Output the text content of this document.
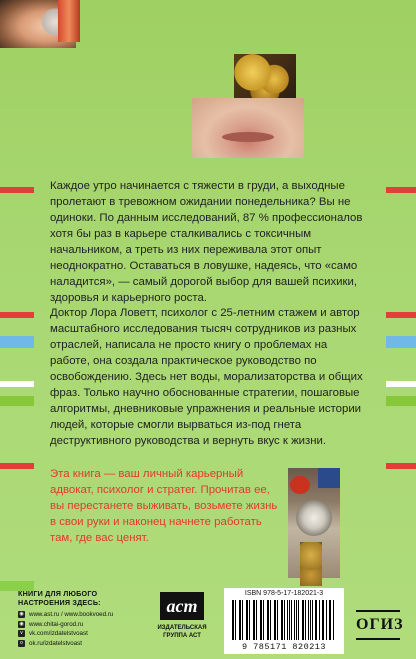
Каждое утро начинается с тяжести в груди, а выходные пролетают в тревожном ожидании понедельника? Вы не одиноки. По данным исследований, 87 % профессионалов хотя бы раз в карьере сталкивались с токсичным начальником, а треть из них переживала этот опыт неоднократно. Оставаться в ловушке, надеясь, что «само наладится», — самый дорогой выбор для вашей психики, здоровья и карьерного роста.

Доктор Лора Ловетт, психолог с 25-летним стажем и автор масштабного исследования тысяч сотрудников из разных отраслей, написала не просто книгу о проблемах на работе, она создала практическое руководство по освобождению. Здесь нет воды, морализаторства и общих фраз. Только научно обоснованные стратегии, пошаговые алгоритмы, дневниковые упражнения и реальные истории людей, которые смогли вырваться из-под гнета деструктивного руководства и вернуть вкус к жизни.

Эта книга — ваш личный карьерный адвокат, психолог и стратег. Прочитав ее, вы перестанете выживать, возьмете жизнь в свои руки и наконец начнете работать там, где вас ценят.

КНИГИ ДЛЯ ЛЮБОГО НАСТРОЕНИЯ ЗДЕСЬ:
◉ www.ast.ru / www.bookvoed.ru
◉ www.chitai-gorod.ru
v	vk.com/izdatelstvoast
o ok.ru/izdatelstvoast
аст
ИЗДАТЕЛЬСКАЯ ГРУППА АСТ
ISBN 978-5-17-182021-3
9 785171 820213
ОГИЗ
